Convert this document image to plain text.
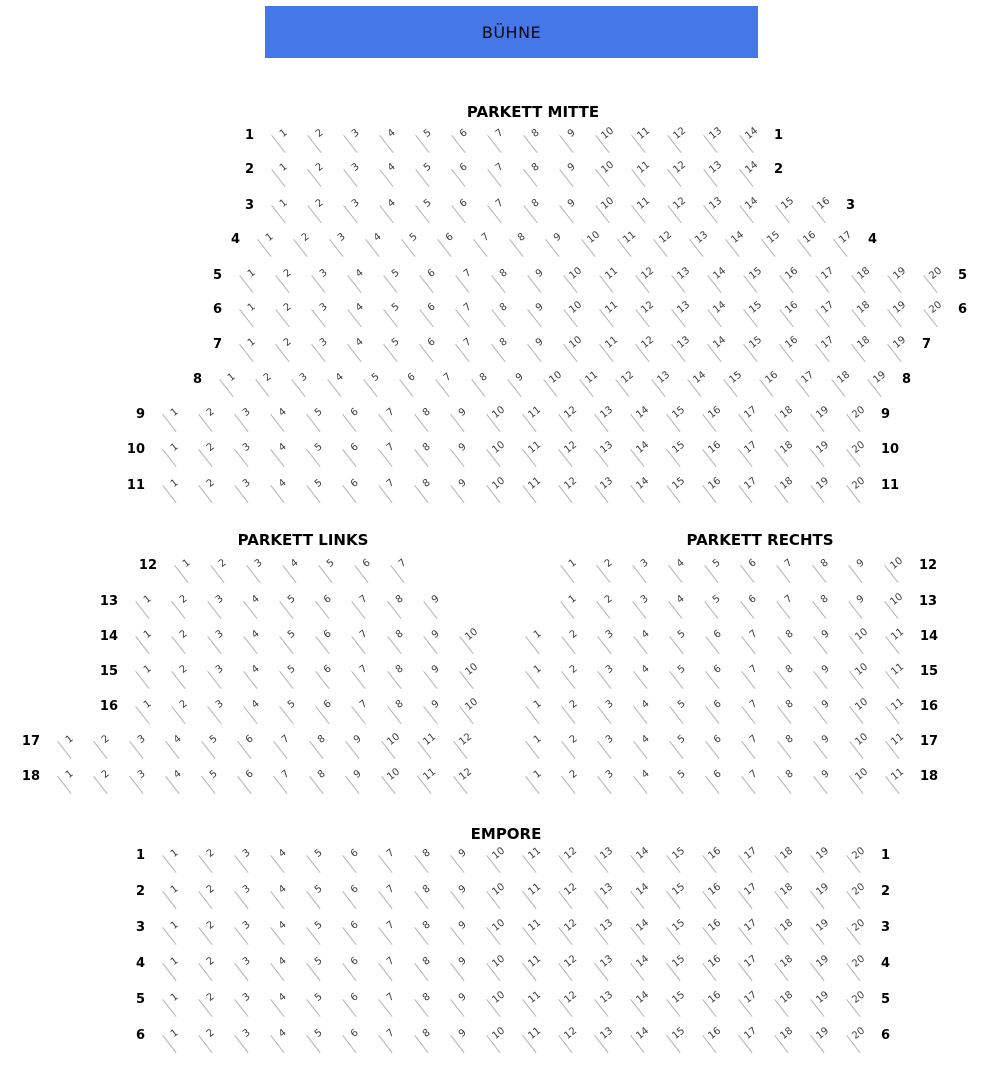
BÜHNE
PARKETT MITTE
PARKETT LINKS	PARKETT RECHTS
EMPORE
1	1	2	3	4	5	6	7	8	9	10	11	12	13	14	1
2	1	2	3	4	5	6	7	8	9	10	11	12	13	14	2
3	1	2	3	4	5	6	7	8	9	10	11	12	13	14	15	16	3
4	1	2	3	4	5	6	7	8	9	10	11	12	13	14	15	16	17	4
5	1	2	3	4	5	6	7	8	9	10	11	12	13	14	15	16	17	18	19	20	5
6	1	2	3	4	5	6	7	8	9	10	11	12	13	14	15	16	17	18	19	20	6
7	1	2	3	4	5	6	7	8	9	10	11	12	13	14	15	16	17	18	19	7
8	1	2	3	4	5	6	7	8	9	10	11	12	13	14	15	16	17	18	19	8
9	1	2	3	4	5	6	7	8	9	10	11	12	13	14	15	16	17	18	19	20	9
10	1	2	3	4	5	6	7	8	9	10	11	12	13	14	15	16	17	18	19	20	10
11	1	2	3	4	5	6	7	8	9	10	11	12	13	14	15	16	17	18	19	20	11
12	1	2	3	4	5	6	7
13	1	2	3	4	5	6	7	8	9
14	1	2	3	4	5	6	7	8	9	10
15	1	2	3	4	5	6	7	8	9	10
16	1	2	3	4	5	6	7	8	9	10
17	1	2	3	4	5	6	7	8	9	10	11	12
18	1	2	3	4	5	6	7	8	9	10	11	12
1	2	3	4	5	6	7	8	9	10	12
1	2	3	4	5	6	7	8	9	10	13
1	2	3	4	5	6	7	8	9	10	11	14
1	2	3	4	5	6	7	8	9	10	11	15
1	2	3	4	5	6	7	8	9	10	11	16
1	2	3	4	5	6	7	8	9	10	11	17
1	2	3	4	5	6	7	8	9	10	11	18
1	1	2	3	4	5	6	7	8	9	10	11	12	13	14	15	16	17	18	19	20	1
2	1	2	3	4	5	6	7	8	9	10	11	12	13	14	15	16	17	18	19	20	2
3	1	2	3	4	5	6	7	8	9	10	11	12	13	14	15	16	17	18	19	20	3
4	1	2	3	4	5	6	7	8	9	10	11	12	13	14	15	16	17	18	19	20	4
5	1	2	3	4	5	6	7	8	9	10	11	12	13	14	15	16	17	18	19	20	5
6	1	2	3	4	5	6	7	8	9	10	11	12	13	14	15	16	17	18	19	20	6
